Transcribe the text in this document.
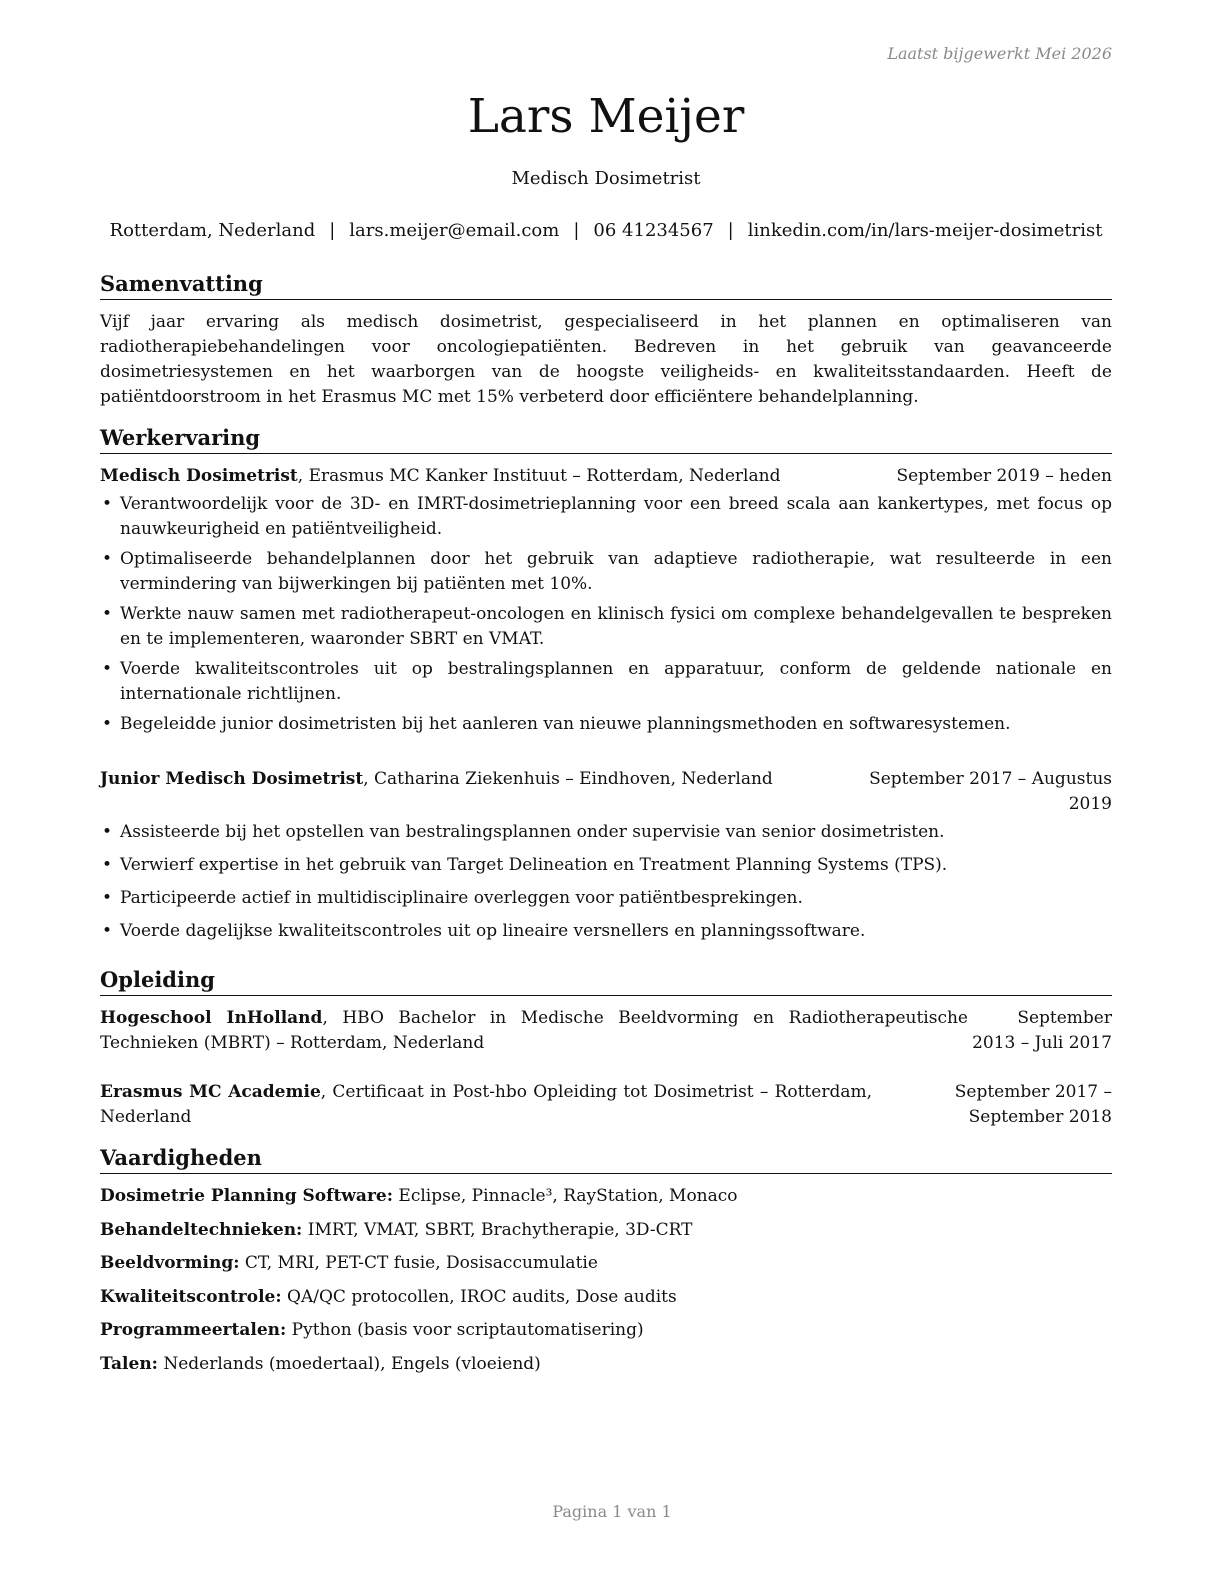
Laatst bijgewerkt Mei 2026
Lars Meijer
Medisch Dosimetrist
Rotterdam, Nederland | lars.meijer@email.com | 06 41234567 | linkedin.com/in/lars-meijer-dosimetrist
Samenvatting

Vijf jaar ervaring als medisch dosimetrist, gespecialiseerd in het plannen en optimaliseren van radiotherapiebehandelingen voor oncologiepatiënten. Bedreven in het gebruik van geavanceerde dosimetriesystemen en het waarborgen van de hoogste veiligheids- en kwaliteitsstandaarden. Heeft de patiëntdoorstroom in het Erasmus MC met 15% verbeterd door efficiëntere behandelplanning.

Werkervaring
Medisch Dosimetrist, Erasmus MC Kanker Instituut – Rotterdam, Nederland	September 2019 – heden
• Verantwoordelijk voor de 3D- en IMRT-dosimetrieplanning voor een breed scala aan kankertypes, met focus op nauwkeurigheid en patiëntveiligheid.
• Optimaliseerde behandelplannen door het gebruik van adaptieve radiotherapie, wat resulteerde in een vermindering van bijwerkingen bij patiënten met 10%.
• Werkte nauw samen met radiotherapeut-oncologen en klinisch fysici om complexe behandelgevallen te bespreken en te implementeren, waaronder SBRT en VMAT.
• Voerde kwaliteitscontroles uit op bestralingsplannen en apparatuur, conform de geldende nationale en internationale richtlijnen.
• Begeleidde junior dosimetristen bij het aanleren van nieuwe planningsmethoden en softwaresystemen.
Junior Medisch Dosimetrist, Catharina Ziekenhuis – Eindhoven, Nederland	September 2017 – Augustus 2019
• Assisteerde bij het opstellen van bestralingsplannen onder supervisie van senior dosimetristen.
• Verwierf expertise in het gebruik van Target Delineation en Treatment Planning Systems (TPS).
• Participeerde actief in multidisciplinaire overleggen voor patiëntbesprekingen.
• Voerde dagelijkse kwaliteitscontroles uit op lineaire versnellers en planningssoftware.
Opleiding
Hogeschool InHolland, HBO Bachelor in Medische Beeldvorming en Radiotherapeutische Technieken (MBRT) – Rotterdam, Nederland
September 2013 – Juli 2017
Erasmus MC Academie, Certificaat in Post-hbo Opleiding tot Dosimetrist – Rotterdam, Nederland
September 2017 – September 2018
Vaardigheden
Dosimetrie Planning Software: Eclipse, Pinnacle³, RayStation, Monaco
Behandeltechnieken: IMRT, VMAT, SBRT, Brachytherapie, 3D-CRT
Beeldvorming: CT, MRI, PET-CT fusie, Dosisaccumulatie
Kwaliteitscontrole: QA/QC protocollen, IROC audits, Dose audits
Programmeertalen: Python (basis voor scriptautomatisering)
Talen: Nederlands (moedertaal), Engels (vloeiend)
Pagina 1 van 1
